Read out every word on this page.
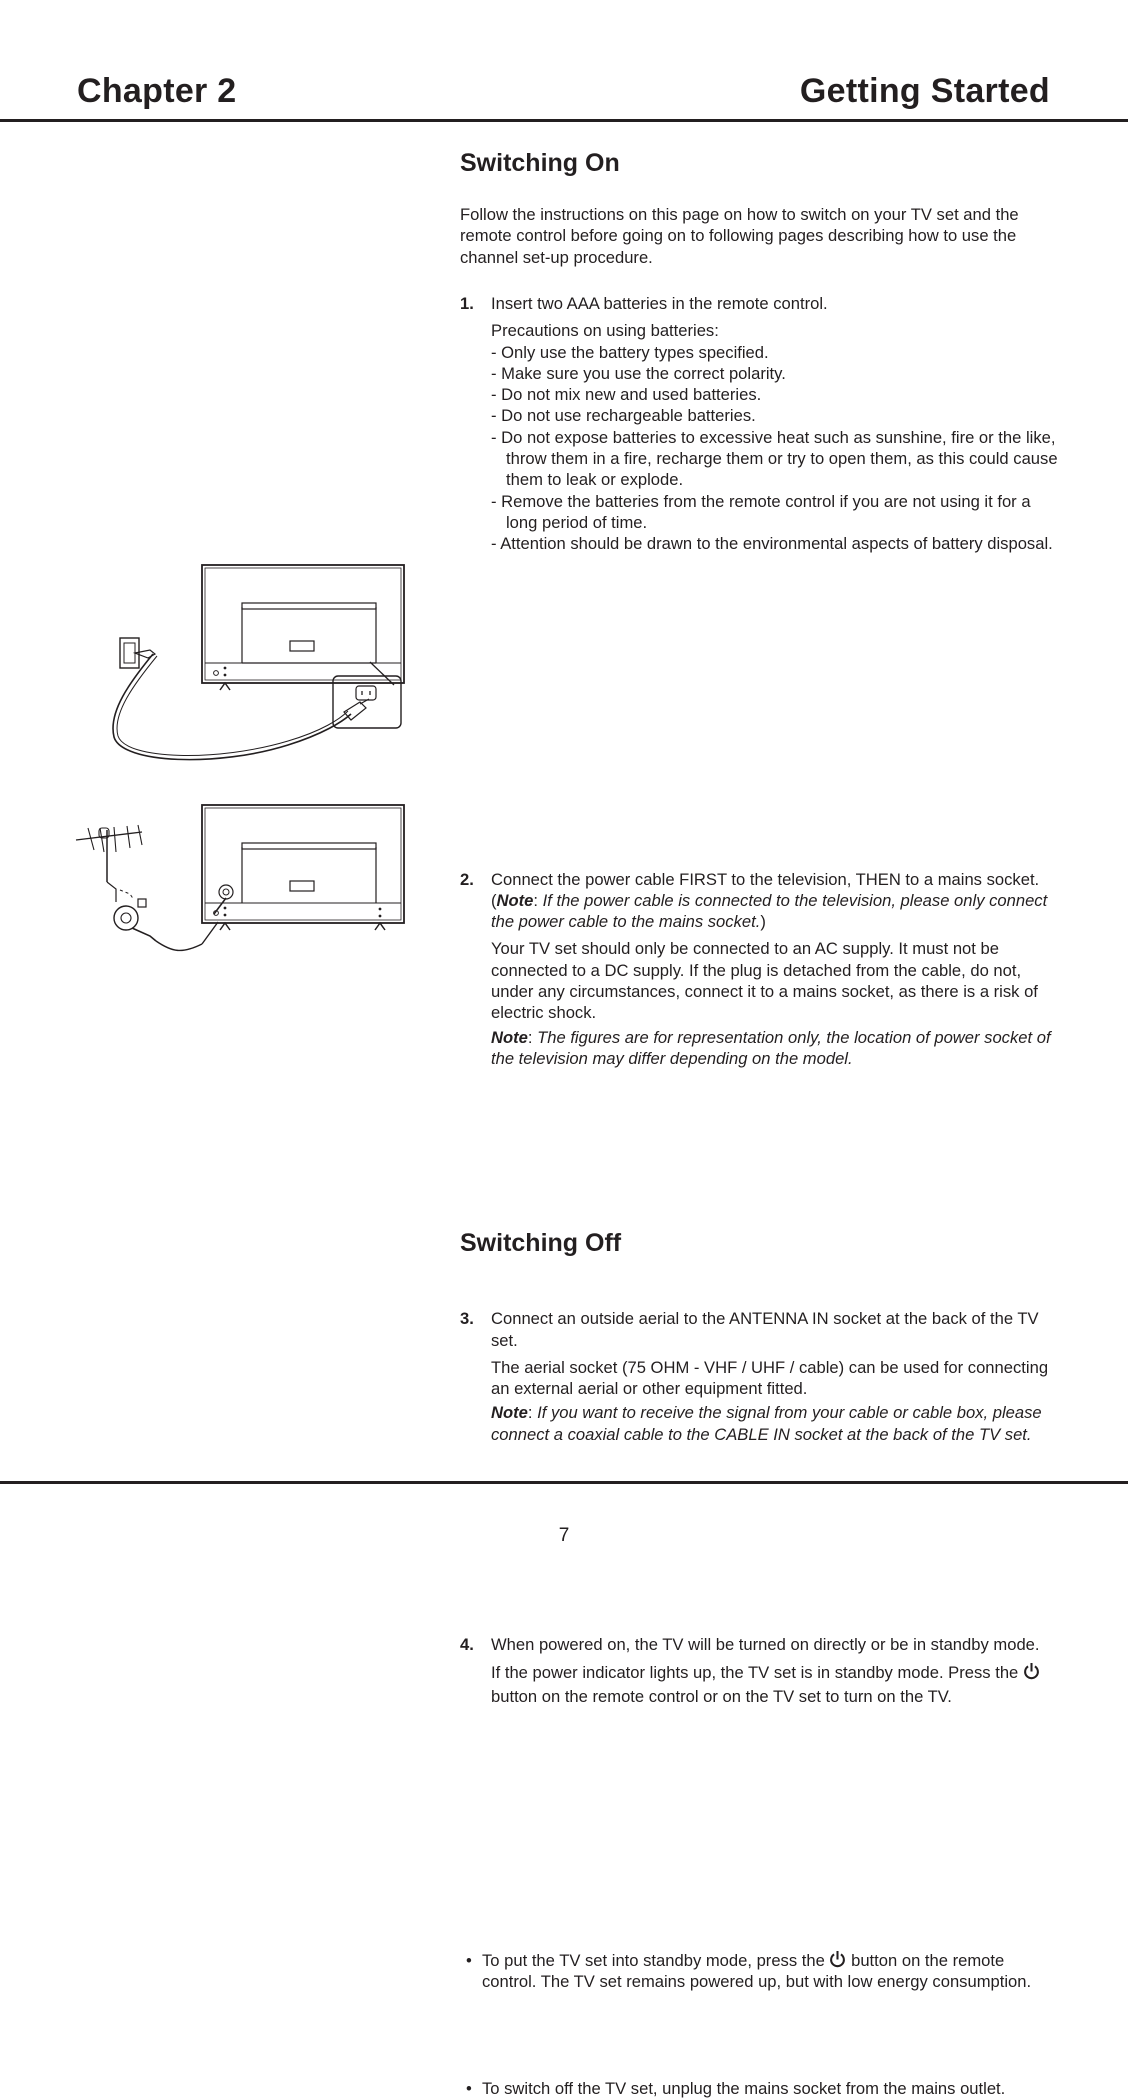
Chapter 2	Getting Started
Switching On
Follow the instructions on this page on how to switch on your TV set and the remote control before going on to following pages describing how to use the channel set-up procedure.
1. Insert two AAA batteries in the remote control.

Precautions on using batteries:

- Only use the battery types specified.

- Make sure you use the correct polarity.

- Do not mix new and used batteries.

- Do not use rechargeable batteries.

- Do not expose batteries to excessive heat such as sunshine, fire or the like, throw them in a fire, recharge them or try to open them, as this could cause them to leak or explode.

- Remove the batteries from the remote control if you are not using it for a long period of time.

- Attention should be drawn to the environmental aspects of battery disposal.

2. Connect the power cable FIRST to the television, THEN to a mains socket. (Note: If the power cable is connected to the television, please only connect the power cable to the mains socket.)

Your TV set should only be connected to an AC supply. It must not be connected to a DC supply. If the plug is detached from the cable, do not, under any circumstances, connect it to a mains socket, as there is a risk of electric shock.

Note: The figures are for representation only, the location of power socket of the television may differ depending on the model.

3. Connect an outside aerial to the ANTENNA IN socket at the back of the TV set.

The aerial socket (75 OHM - VHF / UHF / cable) can be used for connecting an external aerial or other equipment fitted.

Note: If you want to receive the signal from your cable or cable box, please connect a coaxial cable to the CABLE IN socket at the back of the TV set.

4. When powered on, the TV will be turned on directly or be in standby mode.

If the power indicator lights up, the TV set is in standby mode. Press the  button on the remote control or on the TV set to turn on the TV.

Switching Off
• To put the TV set into standby mode, press the button on the remote control. The TV set remains powered up, but with low energy consumption.
• To switch off the TV set, unplug the mains socket from the mains outlet.
7
